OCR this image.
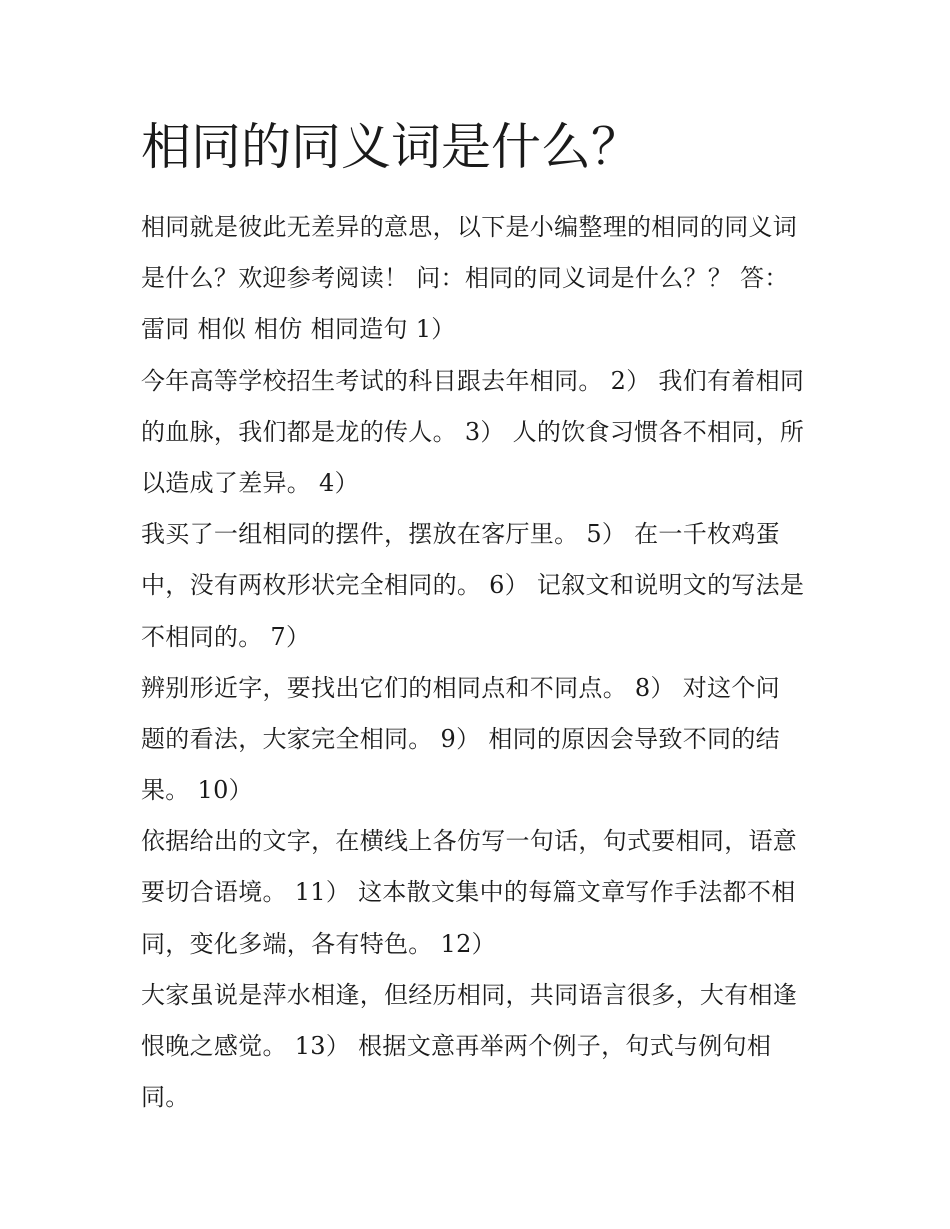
相同的同义词是什么？

相同就是彼此无差异的意思，以下是小编整理的相同的同义词

是什么？欢迎参考阅读！ 问：相同的同义词是什么？？ 答：

雷同 相似 相仿 相同造句 1）

今年高等学校招生考试的科目跟去年相同。 2） 我们有着相同

的血脉，我们都是龙的传人。 3） 人的饮食习惯各不相同，所

以造成了差异。 4）

我买了一组相同的摆件，摆放在客厅里。 5） 在一千枚鸡蛋

中，没有两枚形状完全相同的。 6） 记叙文和说明文的写法是

不相同的。 7）

辨别形近字，要找出它们的相同点和不同点。 8） 对这个问

题的看法，大家完全相同。 9） 相同的原因会导致不同的结

果。 10）

依据给出的文字，在横线上各仿写一句话，句式要相同，语意

要切合语境。 11） 这本散文集中的每篇文章写作手法都不相

同，变化多端，各有特色。 12）

大家虽说是萍水相逢，但经历相同，共同语言很多，大有相逢

恨晚之感觉。 13） 根据文意再举两个例子，句式与例句相

同。
